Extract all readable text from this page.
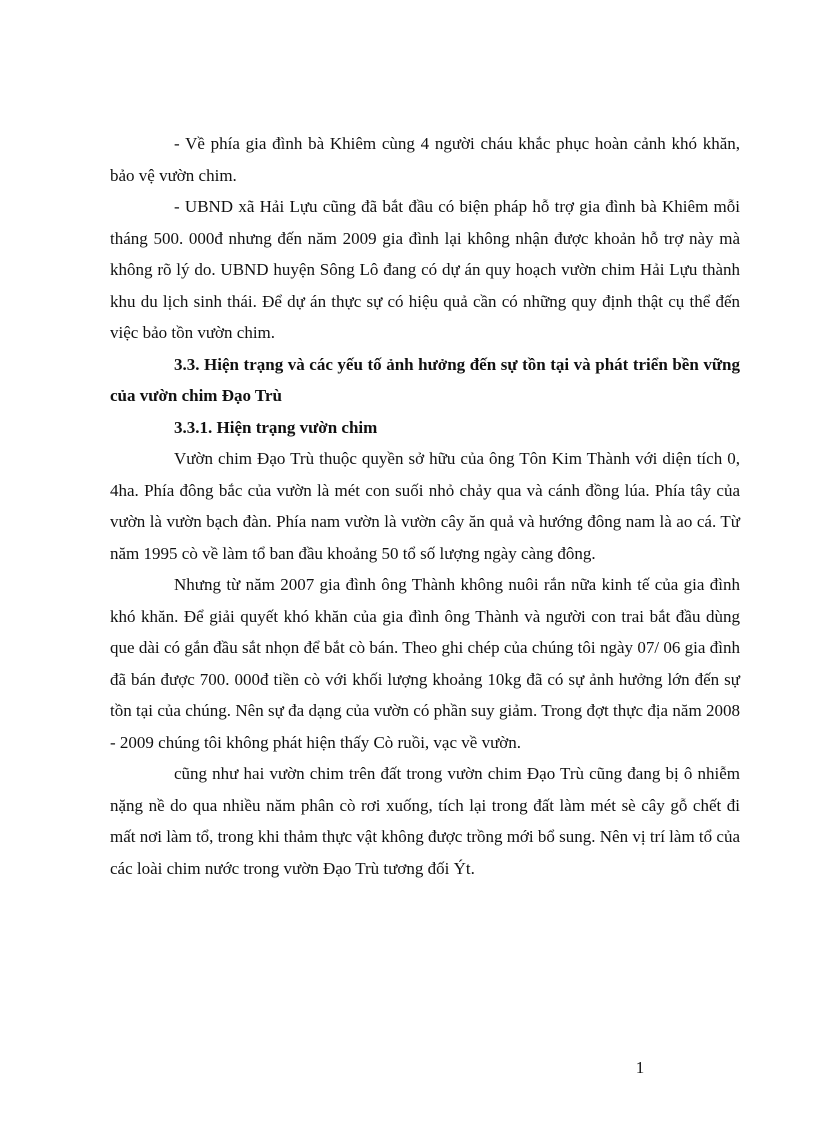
- Về phía gia đình bà Khiêm cùng 4 người cháu khắc phục hoàn cảnh khó khăn, bảo vệ vườn chim.

- UBND xã Hải Lựu cũng đã bắt đầu có biện pháp hỗ trợ gia đình bà Khiêm mỗi tháng 500. 000đ nhưng đến năm 2009 gia đình lại không nhận được khoản hỗ trợ này mà không rõ lý do. UBND huyện Sông Lô đang có dự án quy hoạch vườn chim Hải Lựu thành khu du lịch sinh thái. Để dự án thực sự có hiệu quả cần có những quy định thật cụ thể đến việc bảo tồn vườn chim.

3.3. Hiện trạng và các yếu tố ảnh hưởng đến sự tồn tại và phát triển bền vững của vườn chim Đạo Trù

3.3.1. Hiện trạng vườn chim

Vườn chim Đạo Trù thuộc quyền sở hữu của ông Tôn Kim Thành với diện tích 0, 4ha. Phía đông bắc của vườn là mét con suối nhỏ chảy qua và cánh đồng lúa. Phía tây của vườn là vườn bạch đàn. Phía nam vườn là vườn cây ăn quả và hướng đông nam là ao cá. Từ năm 1995 cò về làm tổ ban đầu khoảng 50 tổ số lượng ngày càng đông.

Nhưng từ năm 2007 gia đình ông Thành không nuôi rắn nữa kinh tế của gia đình khó khăn. Để giải quyết khó khăn của gia đình ông Thành và người con trai bắt đầu dùng que dài có gắn đầu sắt nhọn để bắt cò bán. Theo ghi chép của chúng tôi ngày 07/ 06 gia đình đã bán được 700. 000đ tiền cò với khối lượng khoảng 10kg đã có sự ảnh hưởng lớn đến sự tồn tại của chúng. Nên sự đa dạng của vườn có phần suy giảm. Trong đợt thực địa năm 2008 - 2009 chúng tôi không phát hiện thấy Cò ruồi, vạc về vườn.

cũng như hai vườn chim trên đất trong vườn chim Đạo Trù cũng đang bị ô nhiễm nặng nề do qua nhiều năm phân cò rơi xuống, tích lại trong đất làm mét sè cây gỗ chết đi mất nơi làm tổ, trong khi thảm thực vật không được trồng mới bổ sung. Nên vị trí làm tổ của các loài chim nước trong vườn Đạo Trù tương đối Ýt.

1
